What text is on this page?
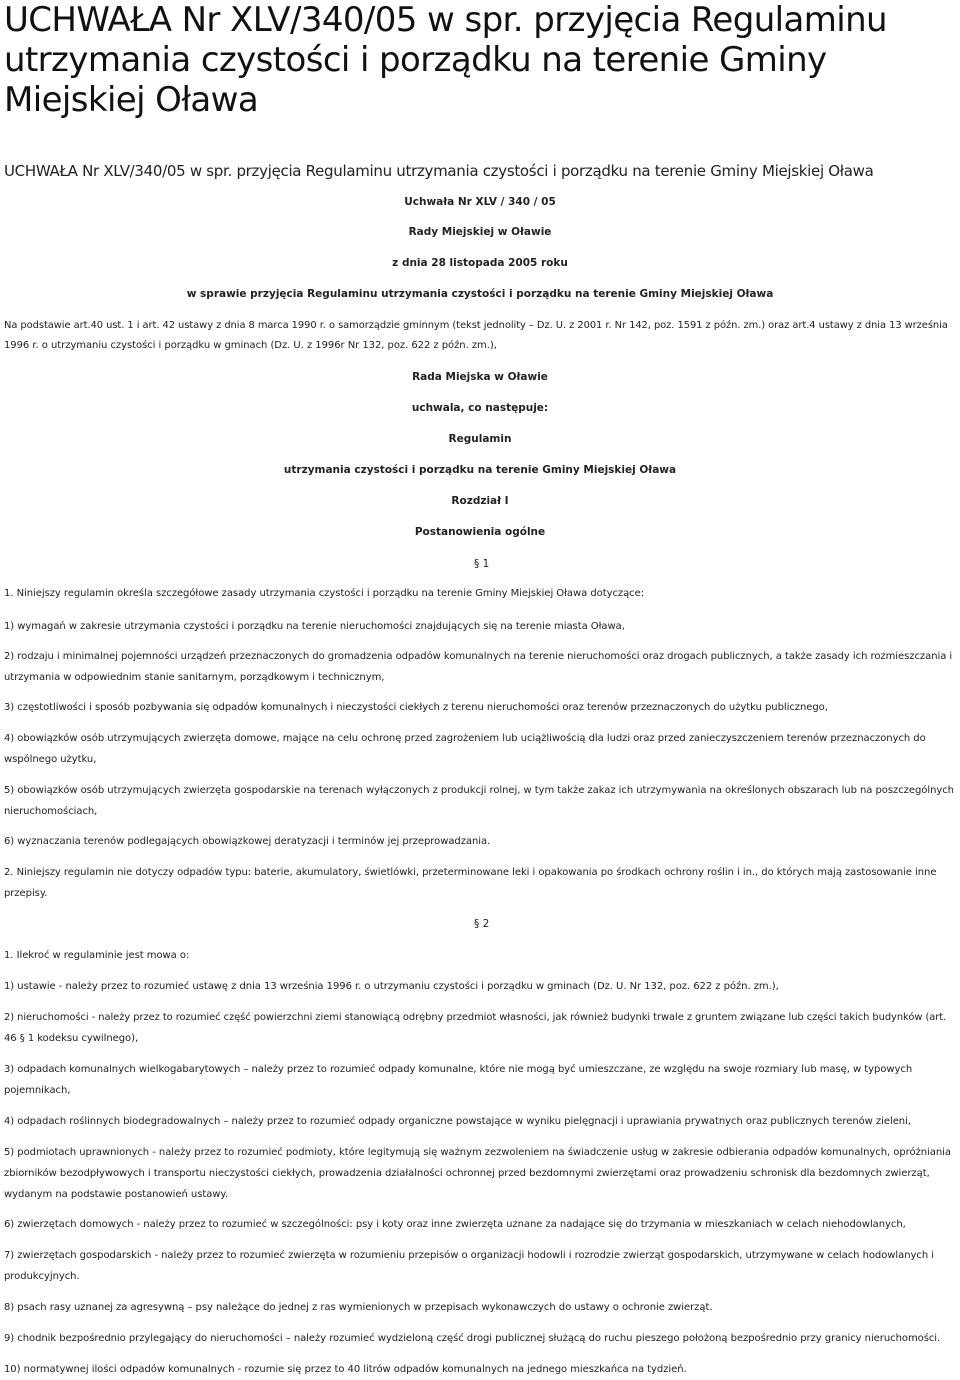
UCHWAŁA Nr XLV/340/05 w spr. przyjęcia Regulaminu utrzymania czystości i porządku na terenie Gminy Miejskiej Oława

UCHWAŁA Nr XLV/340/05 w spr. przyjęcia Regulaminu utrzymania czystości i porządku na terenie Gminy Miejskiej Oława

Uchwała Nr XLV / 340 / 05

Rady Miejskiej w Oławie

z dnia 28 listopada 2005 roku

w sprawie przyjęcia Regulaminu utrzymania czystości i porządku na terenie Gminy Miejskiej Oława

Na podstawie art.40 ust. 1 i art. 42 ustawy z dnia 8 marca 1990 r. o samorządzie gminnym (tekst jednolity – Dz. U. z 2001 r. Nr 142, poz. 1591 z późn. zm.) oraz art.4 ustawy z dnia 13 września

1996 r. o utrzymaniu czystości i porządku w gminach (Dz. U. z 1996r Nr 132, poz. 622 z późn. zm.),

Rada Miejska w Oławie

uchwala, co następuje:

Regulamin

utrzymania czystości i porządku na terenie Gminy Miejskiej Oława

Rozdział I

Postanowienia ogólne

§ 1

1. Niniejszy regulamin określa szczegółowe zasady utrzymania czystości i porządku na terenie Gminy Miejskiej Oława dotyczące:

1) wymagań w zakresie utrzymania czystości i porządku na terenie nieruchomości znajdujących się na terenie miasta Oława,

2) rodzaju i minimalnej pojemności urządzeń przeznaczonych do gromadzenia odpadów komunalnych na terenie nieruchomości oraz drogach publicznych, a także zasady ich rozmieszczania i

utrzymania w odpowiednim stanie sanitarnym, porządkowym i technicznym,

3) częstotliwości i sposób pozbywania się odpadów komunalnych i nieczystości ciekłych z terenu nieruchomości oraz terenów przeznaczonych do użytku publicznego,

4) obowiązków osób utrzymujących zwierzęta domowe, mające na celu ochronę przed zagrożeniem lub uciążliwością dla ludzi oraz przed zanieczyszczeniem terenów przeznaczonych do

wspólnego użytku,

5) obowiązków osób utrzymujących zwierzęta gospodarskie na terenach wyłączonych z produkcji rolnej, w tym także zakaz ich utrzymywania na określonych obszarach lub na poszczególnych

nieruchomościach,

6) wyznaczania terenów podlegających obowiązkowej deratyzacji i terminów jej przeprowadzania.

2. Niniejszy regulamin nie dotyczy odpadów typu: baterie, akumulatory, świetlówki, przeterminowane leki i opakowania po środkach ochrony roślin i in., do których mają zastosowanie inne

przepisy.

§ 2

1. Ilekroć w regulaminie jest mowa o:

1) ustawie - należy przez to rozumieć ustawę z dnia 13 września 1996 r. o utrzymaniu czystości i porządku w gminach (Dz. U. Nr 132, poz. 622 z późn. zm.),

2) nieruchomości - należy przez to rozumieć część powierzchni ziemi stanowiącą odrębny przedmiot własności, jak również budynki trwale z gruntem związane lub części takich budynków (art.

46 § 1 kodeksu cywilnego),

3) odpadach komunalnych wielkogabarytowych – należy przez to rozumieć odpady komunalne, które nie mogą być umieszczane, ze względu na swoje rozmiary lub masę, w typowych

pojemnikach,

4) odpadach roślinnych biodegradowalnych – należy przez to rozumieć odpady organiczne powstające w wyniku pielęgnacji i uprawiania prywatnych oraz publicznych terenów zieleni,

5) podmiotach uprawnionych - należy przez to rozumieć podmioty, które legitymują się ważnym zezwoleniem na świadczenie usług w zakresie odbierania odpadów komunalnych, opróżniania

zbiorników bezodpływowych i transportu nieczystości ciekłych, prowadzenia działalności ochronnej przed bezdomnymi zwierzętami oraz prowadzeniu schronisk dla bezdomnych zwierząt,

wydanym na podstawie postanowień ustawy.

6) zwierzętach domowych - należy przez to rozumieć w szczególności: psy i koty oraz inne zwierzęta uznane za nadające się do trzymania w mieszkaniach w celach niehodowlanych,

7) zwierzętach gospodarskich - należy przez to rozumieć zwierzęta w rozumieniu przepisów o organizacji hodowli i rozrodzie zwierząt gospodarskich, utrzymywane w celach hodowlanych i

produkcyjnych.

8) psach rasy uznanej za agresywną – psy należące do jednej z ras wymienionych w przepisach wykonawczych do ustawy o ochronie zwierząt.

9) chodnik bezpośrednio przylegający do nieruchomości – należy rozumieć wydzieloną część drogi publicznej służącą do ruchu pieszego położoną bezpośrednio przy granicy nieruchomości.

10) normatywnej ilości odpadów komunalnych - rozumie się przez to 40 litrów odpadów komunalnych na jednego mieszkańca na tydzień.
